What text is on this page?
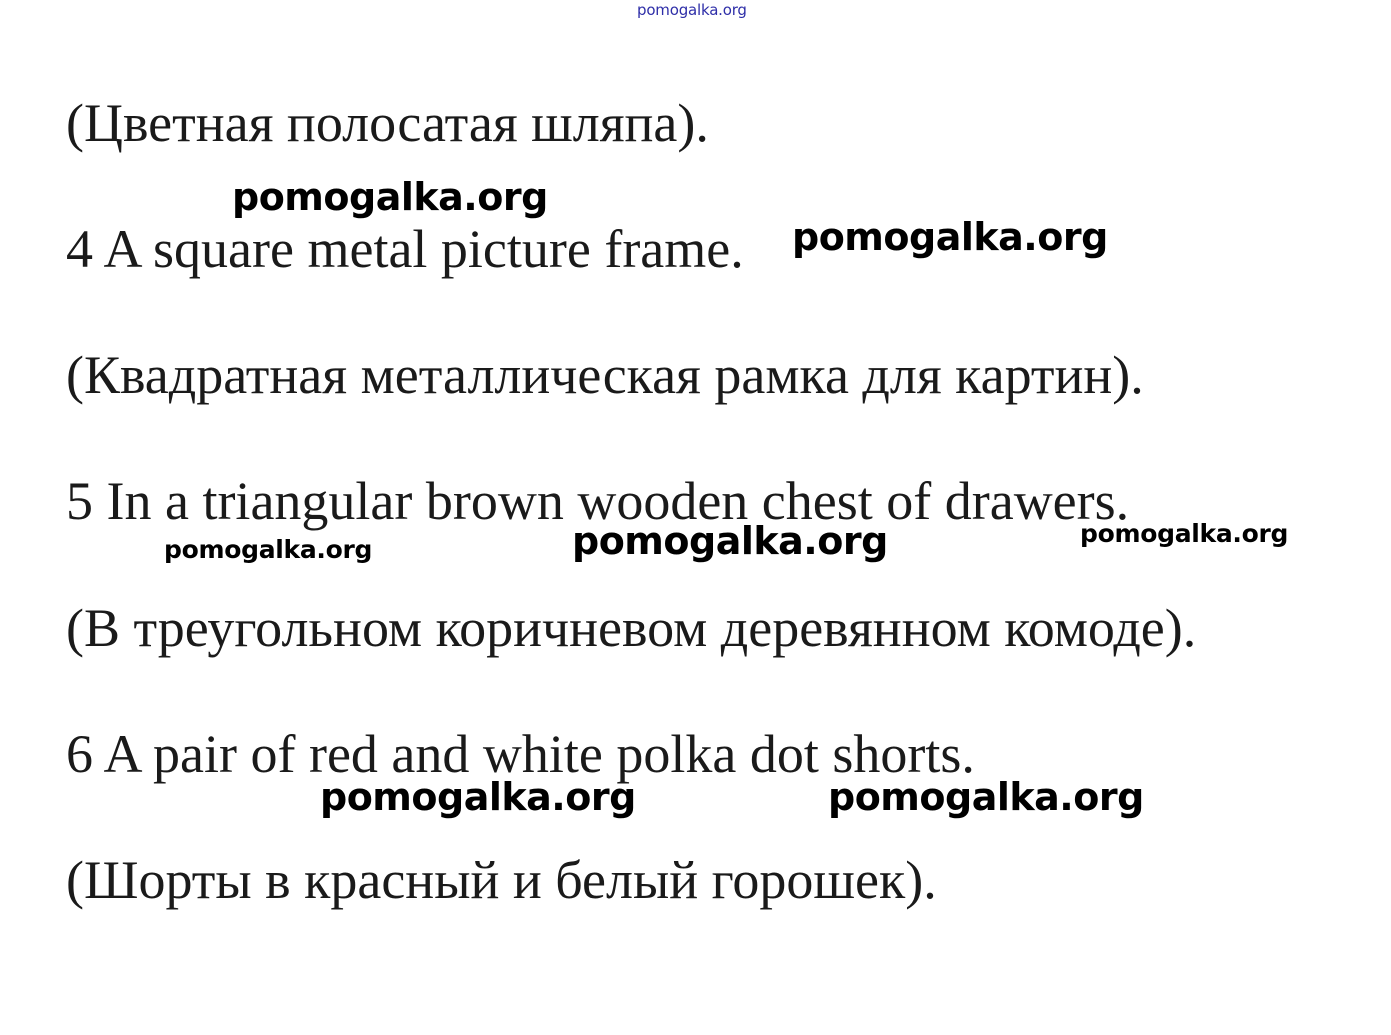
pomogalka.org

(Цветная полосатая шляпа).

pomogalka.org

4 A square metal picture frame. pomogalka.org

(Квадратная металлическая рамка для картин).

5 In a triangular brown wooden chest of drawers.

pomogalka.org	pomogalka.org	pomogalka.org

(В треугольном коричневом деревянном комоде).

6 A pair of red and white polka dot shorts.

pomogalka.org	pomogalka.org

(Шорты в красный и белый горошек).
